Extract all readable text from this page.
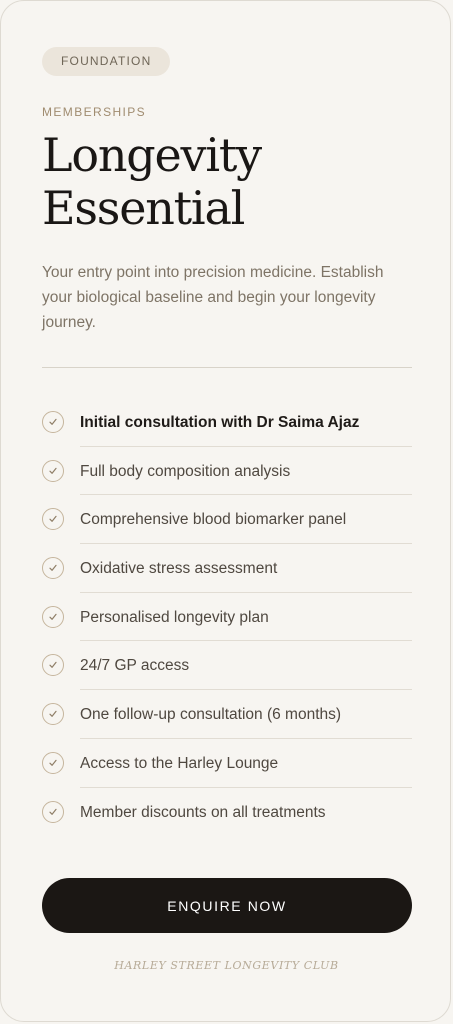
FOUNDATION
MEMBERSHIPS
Longevity
Essential
Your entry point into precision medicine. Establish your biological baseline and begin your longevity journey.
Initial consultation with Dr Saima Ajaz
Full body composition analysis
Comprehensive blood biomarker panel
Oxidative stress assessment
Personalised longevity plan
24/7 GP access
One follow-up consultation (6 months)
Access to the Harley Lounge
Member discounts on all treatments
ENQUIRE NOW
HARLEY STREET LONGEVITY CLUB
